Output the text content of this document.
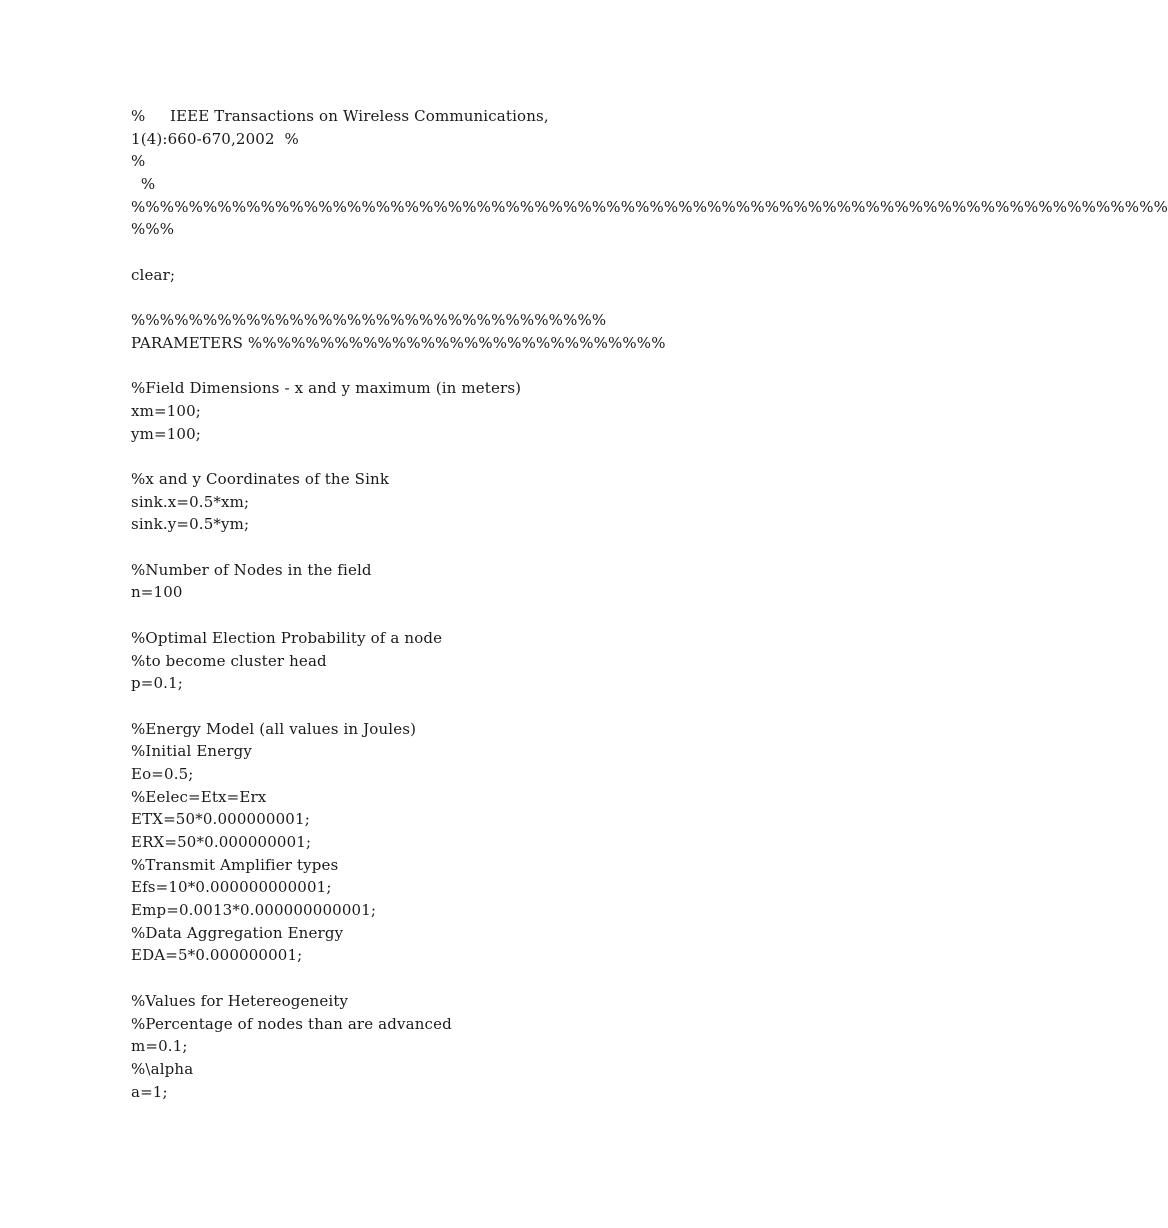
%     IEEE Transactions on Wireless Communications,
1(4):660-670,2002  %
%
%
%%%%%%%%%%%%%%%%%%%%%%%%%%%%%%%%%%%%%%%%%%%%%%%%%%%%%%%%%%%%%%%%%%%%%%%%
%%%
clear;
%%%%%%%%%%%%%%%%%%%%%%%%%%%%%%%%%
PARAMETERS %%%%%%%%%%%%%%%%%%%%%%%%%%%%%
%Field Dimensions - x and y maximum (in meters)
xm=100;
ym=100;
%x and y Coordinates of the Sink
sink.x=0.5*xm;
sink.y=0.5*ym;
%Number of Nodes in the field
n=100
%Optimal Election Probability of a node
%to become cluster head
p=0.1;
%Energy Model (all values in Joules)
%Initial Energy
Eo=0.5;
%Eelec=Etx=Erx
ETX=50*0.000000001;
ERX=50*0.000000001;
%Transmit Amplifier types
Efs=10*0.000000000001;
Emp=0.0013*0.000000000001;
%Data Aggregation Energy
EDA=5*0.000000001;
%Values for Hetereogeneity
%Percentage of nodes than are advanced
m=0.1;
%\alpha
a=1;
